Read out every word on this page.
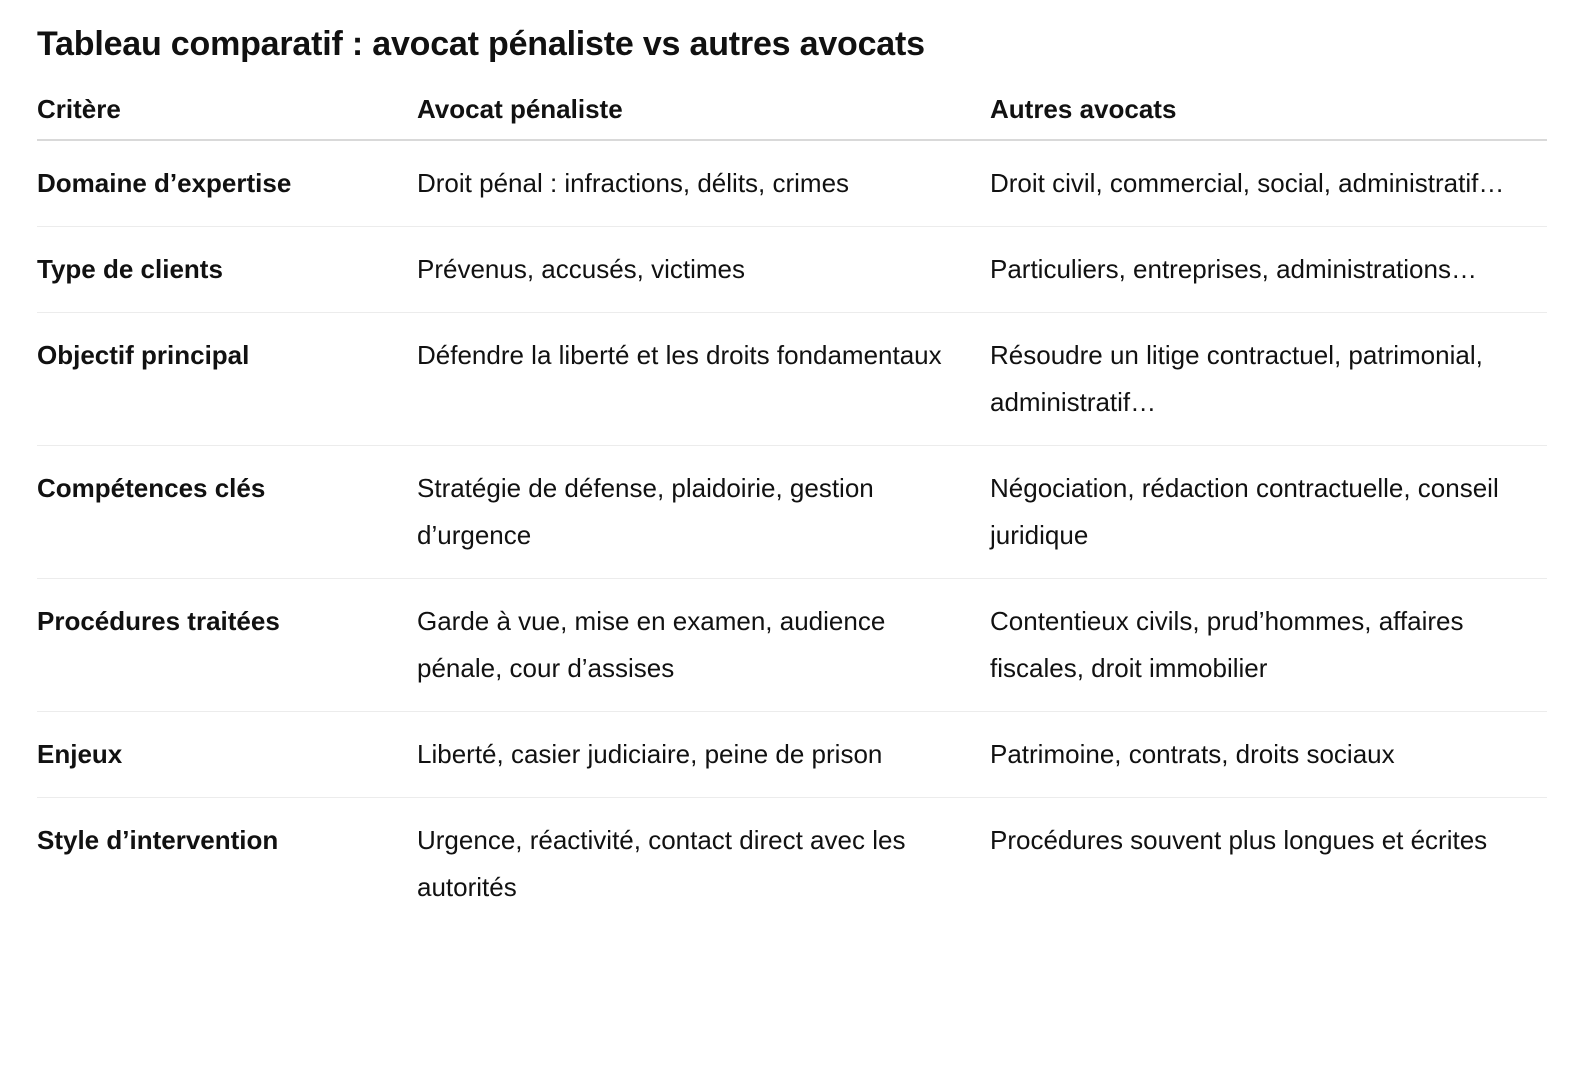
Tableau comparatif : avocat pénaliste vs autres avocats
Critère	Avocat pénaliste	Autres avocats
Domaine d’expertise	Droit pénal : infractions, délits, crimes	Droit civil, commercial, social, administratif…
Type de clients	Prévenus, accusés, victimes	Particuliers, entreprises, administrations…
Objectif principal	Défendre la liberté et les droits fondamentaux	Résoudre un litige contractuel, patrimonial, administratif…
Compétences clés	Stratégie de défense, plaidoirie, gestion d’urgence	Négociation, rédaction contractuelle, conseil juridique
Procédures traitées	Garde à vue, mise en examen, audience pénale, cour d’assises	Contentieux civils, prud’hommes, affaires fiscales, droit immobilier
Enjeux	Liberté, casier judiciaire, peine de prison	Patrimoine, contrats, droits sociaux
Style d’intervention	Urgence, réactivité, contact direct avec les autorités	Procédures souvent plus longues et écrites
